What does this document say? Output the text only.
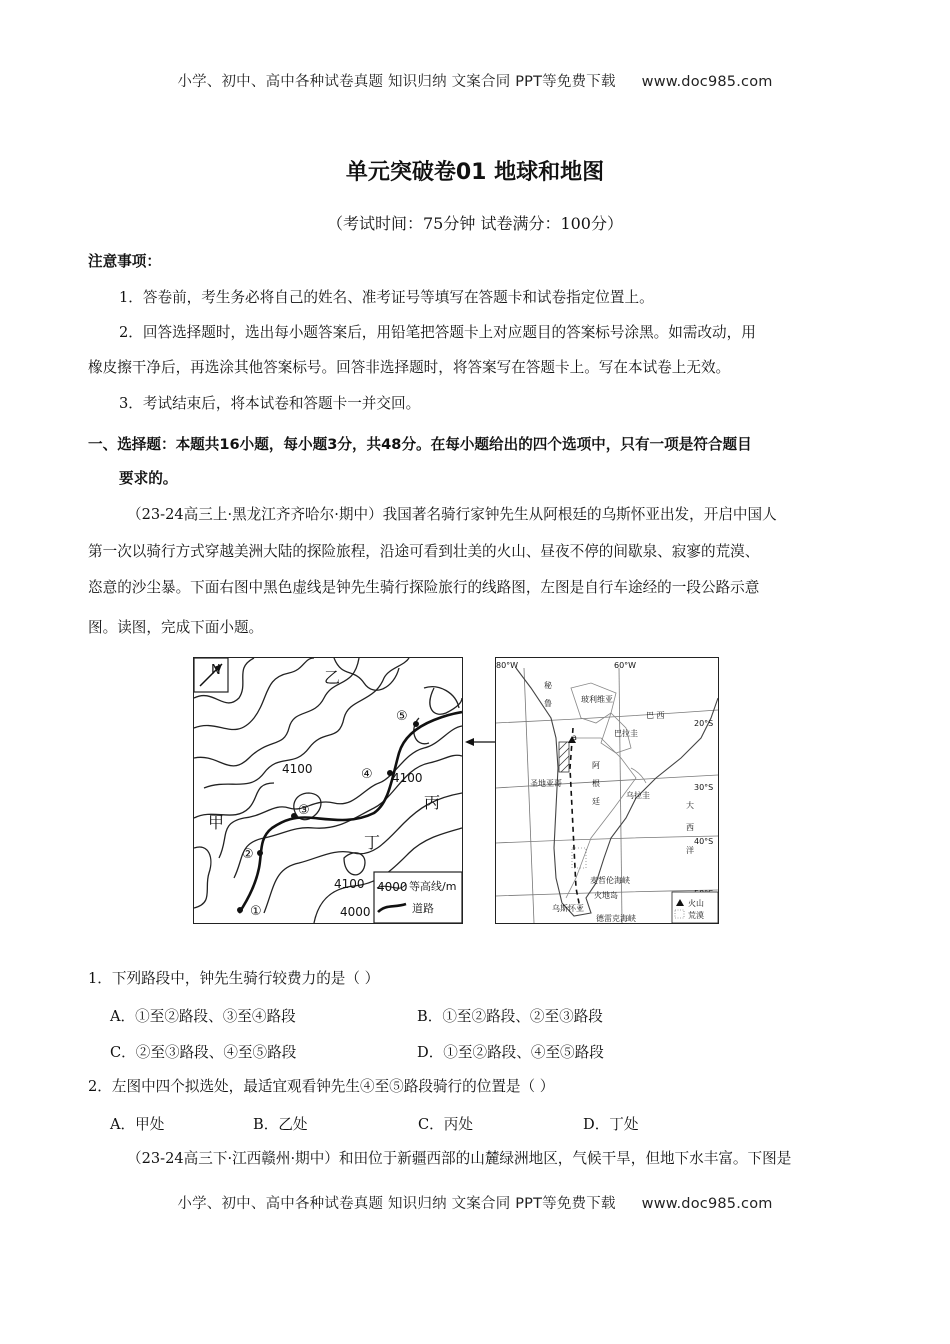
小学、初中、高中各种试卷真题 知识归纳 文案合同 PPT等免费下载 www.doc985.com
单元突破卷01 地球和地图
（考试时间：75分钟 试卷满分：100分）
注意事项：
1．答卷前，考生务必将自己的姓名、准考证号等填写在答题卡和试卷指定位置上。
2．回答选择题时，选出每小题答案后，用铅笔把答题卡上对应题目的答案标号涂黑。如需改动，用
橡皮擦干净后，再选涂其他答案标号。回答非选择题时，将答案写在答题卡上。写在本试卷上无效。
3．考试结束后，将本试卷和答题卡一并交回。
一、选择题：本题共16小题，每小题3分，共48分。在每小题给出的四个选项中，只有一项是符合题目
要求的。
（23-24高三上·黑龙江齐齐哈尔·期中）我国著名骑行家钟先生从阿根廷的乌斯怀亚出发，开启中国人
第一次以骑行方式穿越美洲大陆的探险旅程，沿途可看到壮美的火山、昼夜不停的间歇泉、寂寥的荒漠、
恣意的沙尘暴。下面右图中黑色虚线是钟先生骑行探险旅行的线路图，左图是自行车途经的一段公路示意
图。读图，完成下面小题。
①
②
③
④
⑤
乙
丙
甲
丁
4100
4100
4100
4000
N
4000 等高线/m
道路
80°W	60°W
20°S
30°S
40°S
秘
鲁	玻利维亚
巴拉圭
巴 西
阿
根
廷
圣地亚哥
乌拉圭
a
大
西
洋
麦哲伦海峡
火地岛
乌斯怀亚
德雷克海峡
火山
荒漠
1．下列路段中，钟先生骑行较费力的是（ ）
A．①至②路段、③至④路段	B．①至②路段、②至③路段
C．②至③路段、④至⑤路段	D．①至②路段、④至⑤路段
2．左图中四个拟选处，最适宜观看钟先生④至⑤路段骑行的位置是（ ）
A．甲处	B．乙处	C．丙处	D．丁处
（23-24高三下·江西赣州·期中）和田位于新疆西部的山麓绿洲地区，气候干旱，但地下水丰富。下图是
小学、初中、高中各种试卷真题 知识归纳 文案合同 PPT等免费下载 www.doc985.com
